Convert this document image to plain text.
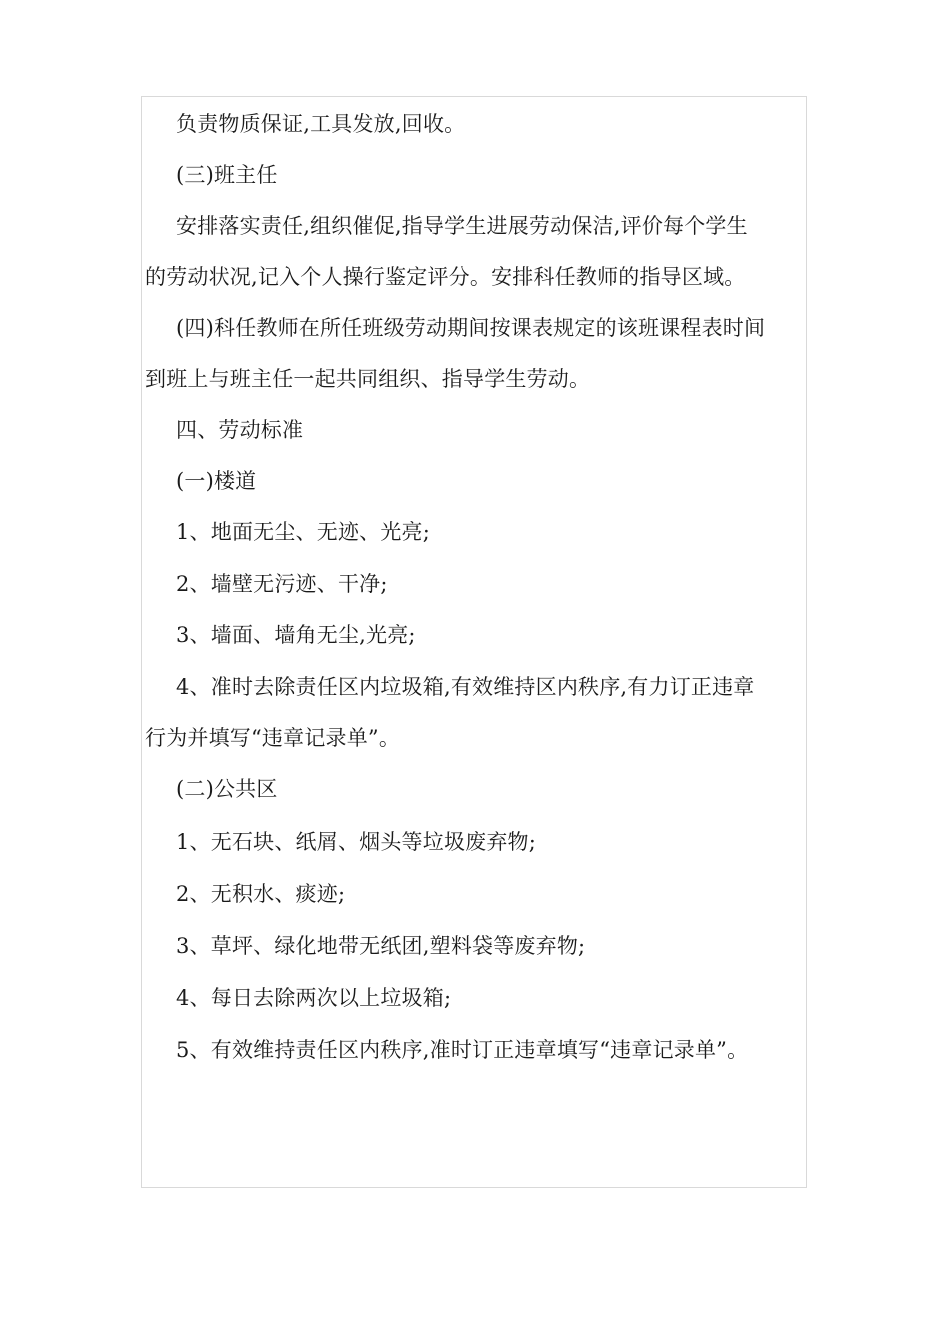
负责物质保证,工具发放,回收。
(三)班主任
安排落实责任,组织催促,指导学生进展劳动保洁,评价每个学生
的劳动状况,记入个人操行鉴定评分。安排科任教师的指导区域。
(四)科任教师在所任班级劳动期间按课表规定的该班课程表时间
到班上与班主任一起共同组织、指导学生劳动。
四、劳动标准
(一)楼道
1、地面无尘、无迹、光亮;
2、墙壁无污迹、干净;
3、墙面、墙角无尘,光亮;
4、准时去除责任区内垃圾箱,有效维持区内秩序,有力订正违章
行为并填写“违章记录单”。
(二)公共区
1、无石块、纸屑、烟头等垃圾废弃物;
2、无积水、痰迹;
3、草坪、绿化地带无纸团,塑料袋等废弃物;
4、每日去除两次以上垃圾箱;
5、有效维持责任区内秩序,准时订正违章填写“违章记录单”。
